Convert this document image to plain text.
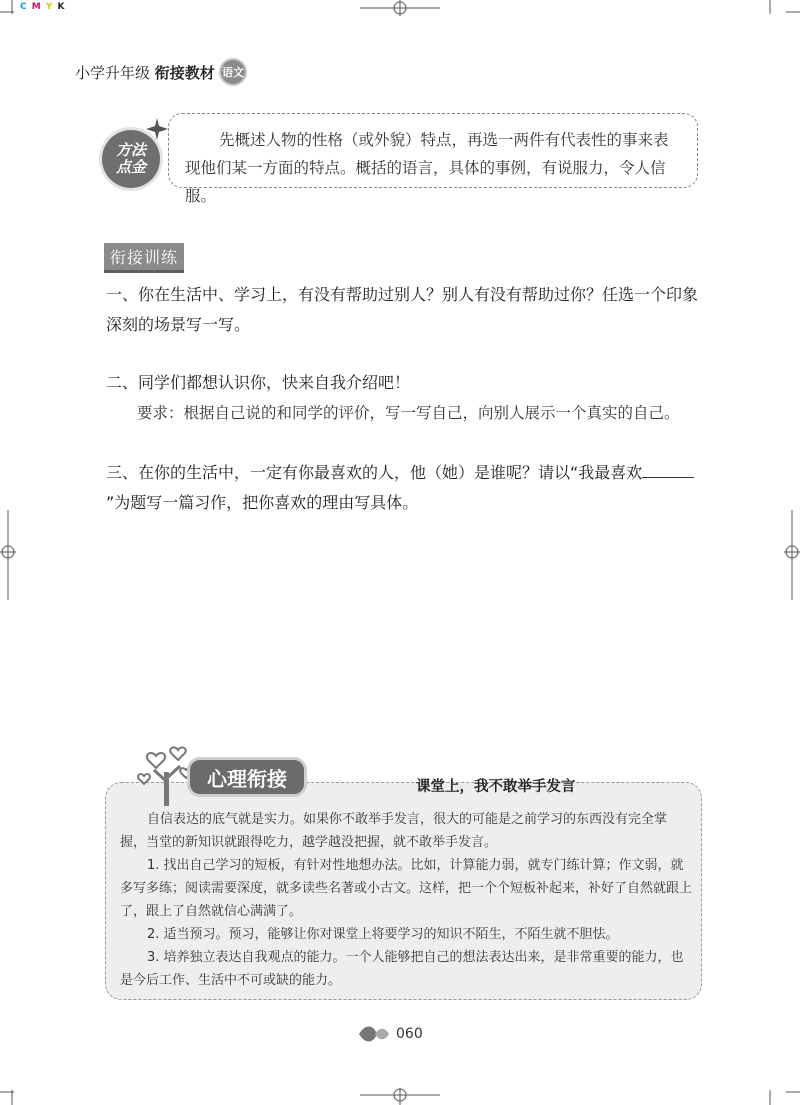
C M Y K
小学升年级 衔接教材 语文
方法
点金
先概述人物的性格（或外貌）特点，再选一两件有代表性的事来表现他们某一方面的特点。概括的语言，具体的事例，有说服力，令人信服。
衔接训练
一、你在生活中、学习上，有没有帮助过别人？别人有没有帮助过你？任选一个印象深刻的场景写一写。
二、同学们都想认识你，快来自我介绍吧！
要求：根据自己说的和同学的评价，写一写自己，向别人展示一个真实的自己。
三、在你的生活中，一定有你最喜欢的人，他（她）是谁呢？请以“我最喜欢”为题写一篇习作，把你喜欢的理由写具体。
心理衔接	课堂上，我不敢举手发言

自信表达的底气就是实力。如果你不敢举手发言，很大的可能是之前学习的东西没有完全掌握，当堂的新知识就跟得吃力，越学越没把握，就不敢举手发言。

1. 找出自己学习的短板，有针对性地想办法。比如，计算能力弱，就专门练计算；作文弱，就多写多练；阅读需要深度，就多读些名著或小古文。这样，把一个个短板补起来，补好了自然就跟上了，跟上了自然就信心满满了。

2. 适当预习。预习，能够让你对课堂上将要学习的知识不陌生，不陌生就不胆怯。

3. 培养独立表达自我观点的能力。一个人能够把自己的想法表达出来，是非常重要的能力，也是今后工作、生活中不可或缺的能力。

060
